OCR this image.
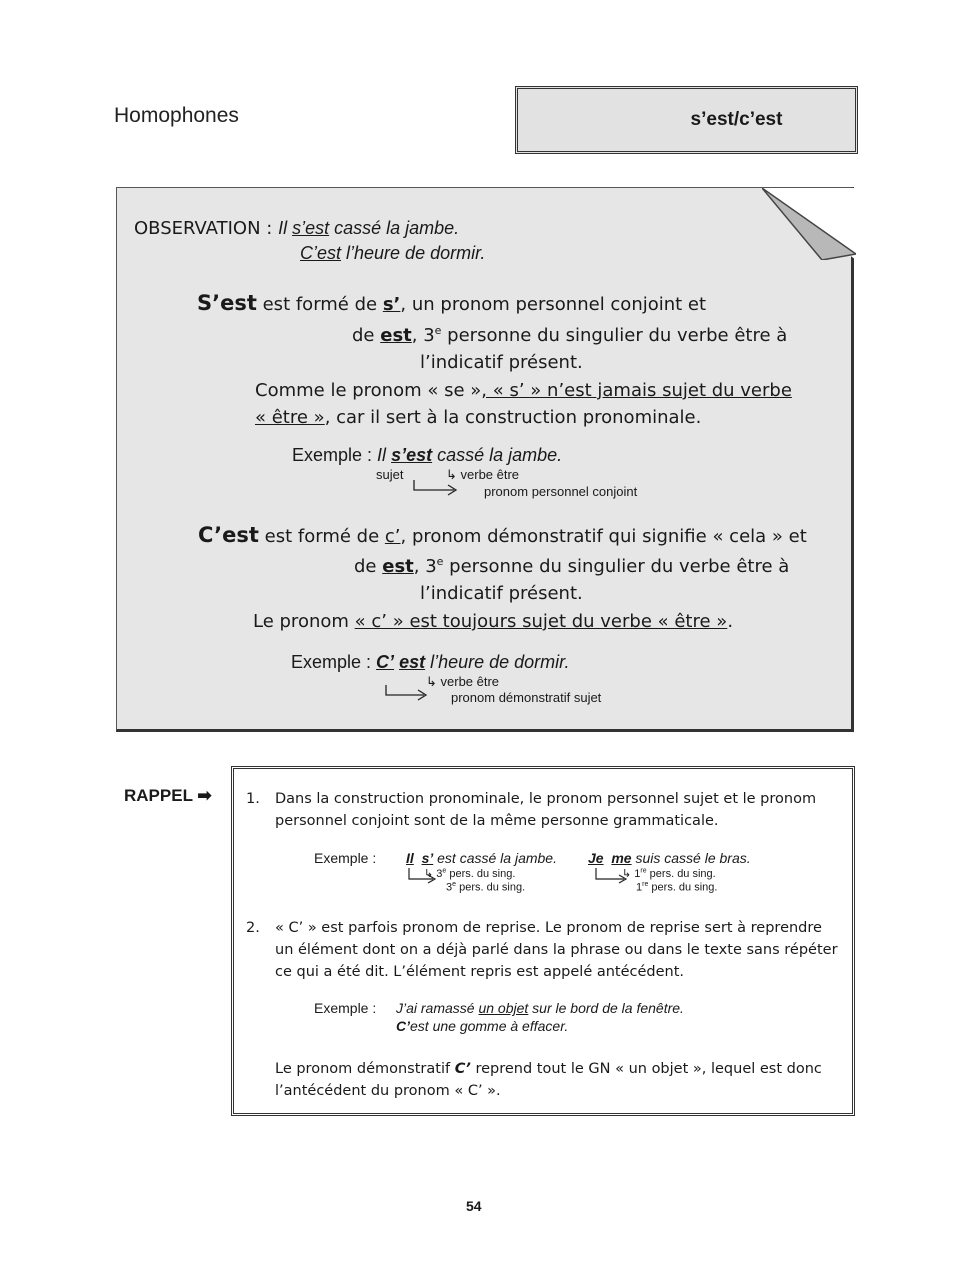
Homophones	s’est/c’est
OBSERVATION : Il s’est cassé la jambe.
C’est l’heure de dormir.
S’est est formé de s’, un pronom personnel conjoint et
de est, 3e personne du singulier du verbe être à
l’indicatif présent.
Comme le pronom « se », « s’ » n’est jamais sujet du verbe
« être », car il sert à la construction pronominale.
Exemple : Il s’est cassé la jambe.
sujet	↳ verbe être
pronom personnel conjoint
C’est est formé de c’, pronom démonstratif qui signifie « cela » et
de est, 3e personne du singulier du verbe être à
l’indicatif présent.
Le pronom « c’ » est toujours sujet du verbe « être ».
Exemple : C’ est l’heure de dormir.
↳ verbe être
pronom démonstratif sujet
RAPPEL ➡ 1. Dans la construction pronominale, le pronom personnel sujet et le pronom
personnel conjoint sont de la même personne grammaticale.
Exemple : Il s’ est cassé la jambe. Je me suis cassé le bras.
↳ 3e pers. du sing.
3e pers. du sing.
↳ 1re pers. du sing.
1re pers. du sing.
2. « C’ » est parfois pronom de reprise. Le pronom de reprise sert à reprendre
un élément dont on a déjà parlé dans la phrase ou dans le texte sans répéter
ce qui a été dit. L’élément repris est appelé antécédent.
Exemple : J’ai ramassé un objet sur le bord de la fenêtre.
C’est une gomme à effacer.
Le pronom démonstratif C’ reprend tout le GN « un objet », lequel est donc
l’antécédent du pronom « C’ ».
54
